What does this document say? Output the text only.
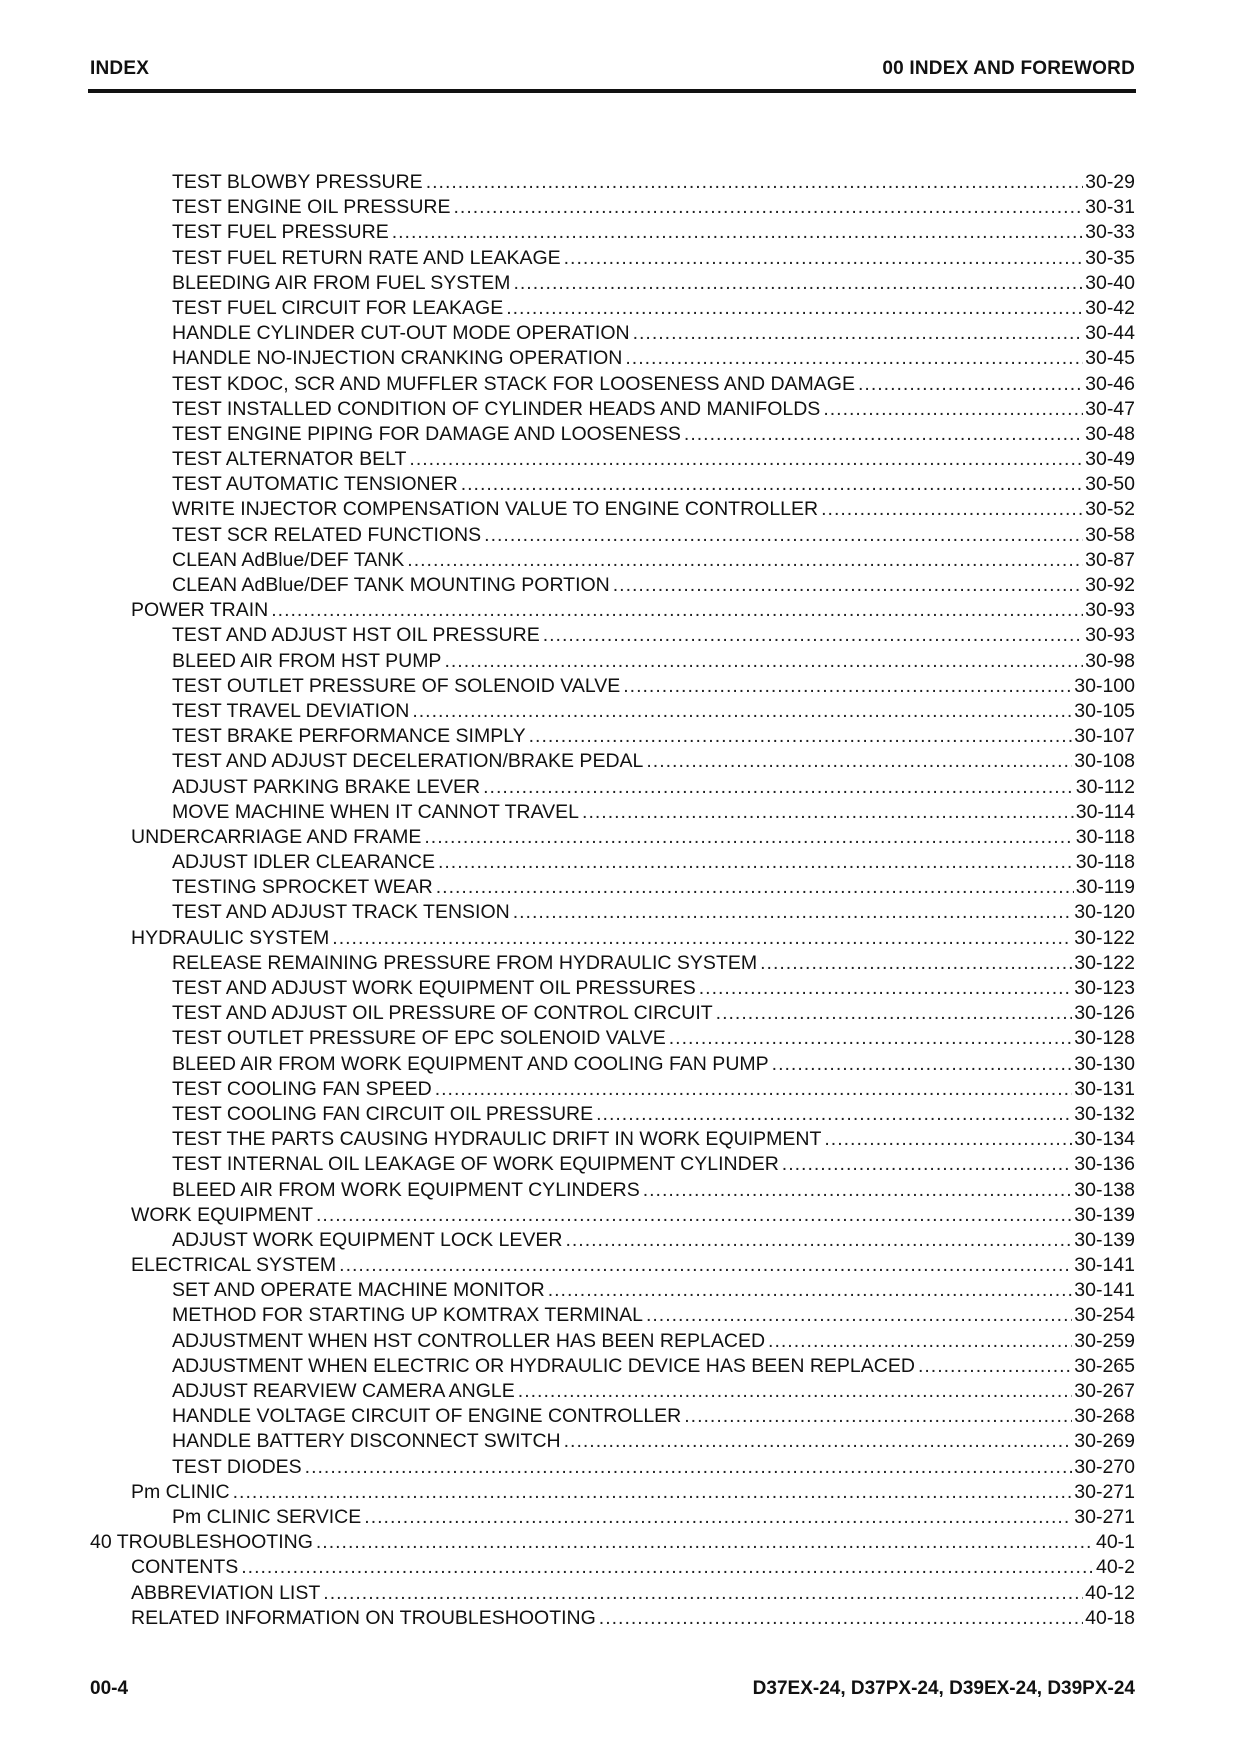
INDEX	00 INDEX AND FOREWORD
TEST BLOWBY PRESSURE .....	30-29
TEST ENGINE OIL PRESSURE .....	30-31
TEST FUEL PRESSURE .....	30-33
TEST FUEL RETURN RATE AND LEAKAGE .....	30-35
BLEEDING AIR FROM FUEL SYSTEM .....	30-40
TEST FUEL CIRCUIT FOR LEAKAGE .....	30-42
HANDLE CYLINDER CUT-OUT MODE OPERATION .....	30-44
HANDLE NO-INJECTION CRANKING OPERATION .....	30-45
TEST KDOC, SCR AND MUFFLER STACK FOR LOOSENESS AND DAMAGE .....	30-46
TEST INSTALLED CONDITION OF CYLINDER HEADS AND MANIFOLDS .....	30-47
TEST ENGINE PIPING FOR DAMAGE AND LOOSENESS .....	30-48
TEST ALTERNATOR BELT .....	30-49
TEST AUTOMATIC TENSIONER .....	30-50
WRITE INJECTOR COMPENSATION VALUE TO ENGINE CONTROLLER .....	30-52
TEST SCR RELATED FUNCTIONS .....	30-58
CLEAN AdBlue/DEF TANK .....	30-87
CLEAN AdBlue/DEF TANK MOUNTING PORTION .....	30-92
POWER TRAIN .....	30-93
TEST AND ADJUST HST OIL PRESSURE .....	30-93
BLEED AIR FROM HST PUMP .....	30-98
TEST OUTLET PRESSURE OF SOLENOID VALVE .....	30-100
TEST TRAVEL DEVIATION .....	30-105
TEST BRAKE PERFORMANCE SIMPLY .....	30-107
TEST AND ADJUST DECELERATION/BRAKE PEDAL .....	30-108
ADJUST PARKING BRAKE LEVER .....	30-112
MOVE MACHINE WHEN IT CANNOT TRAVEL .....	30-114
UNDERCARRIAGE AND FRAME .....	30-118
ADJUST IDLER CLEARANCE .....	30-118
TESTING SPROCKET WEAR .....	30-119
TEST AND ADJUST TRACK TENSION .....	30-120
HYDRAULIC SYSTEM .....	30-122
RELEASE REMAINING PRESSURE FROM HYDRAULIC SYSTEM .....	30-122
TEST AND ADJUST WORK EQUIPMENT OIL PRESSURES .....	30-123
TEST AND ADJUST OIL PRESSURE OF CONTROL CIRCUIT .....	30-126
TEST OUTLET PRESSURE OF EPC SOLENOID VALVE .....	30-128
BLEED AIR FROM WORK EQUIPMENT AND COOLING FAN PUMP .....	30-130
TEST COOLING FAN SPEED .....	30-131
TEST COOLING FAN CIRCUIT OIL PRESSURE .....	30-132
TEST THE PARTS CAUSING HYDRAULIC DRIFT IN WORK EQUIPMENT .....	30-134
TEST INTERNAL OIL LEAKAGE OF WORK EQUIPMENT CYLINDER .....	30-136
BLEED AIR FROM WORK EQUIPMENT CYLINDERS .....	30-138
WORK EQUIPMENT .....	30-139
ADJUST WORK EQUIPMENT LOCK LEVER .....	30-139
ELECTRICAL SYSTEM .....	30-141
SET AND OPERATE MACHINE MONITOR .....	30-141
METHOD FOR STARTING UP KOMTRAX TERMINAL .....	30-254
ADJUSTMENT WHEN HST CONTROLLER HAS BEEN REPLACED .....	30-259
ADJUSTMENT WHEN ELECTRIC OR HYDRAULIC DEVICE HAS BEEN REPLACED .....	30-265
ADJUST REARVIEW CAMERA ANGLE .....	30-267
HANDLE VOLTAGE CIRCUIT OF ENGINE CONTROLLER .....	30-268
HANDLE BATTERY DISCONNECT SWITCH .....	30-269
TEST DIODES .....	30-270
Pm CLINIC .....	30-271
Pm CLINIC SERVICE .....	30-271
40 TROUBLESHOOTING .....	40-1
CONTENTS .....	40-2
ABBREVIATION LIST .....	40-12
RELATED INFORMATION ON TROUBLESHOOTING .....	40-18
00-4	D37EX-24, D37PX-24, D39EX-24, D39PX-24
